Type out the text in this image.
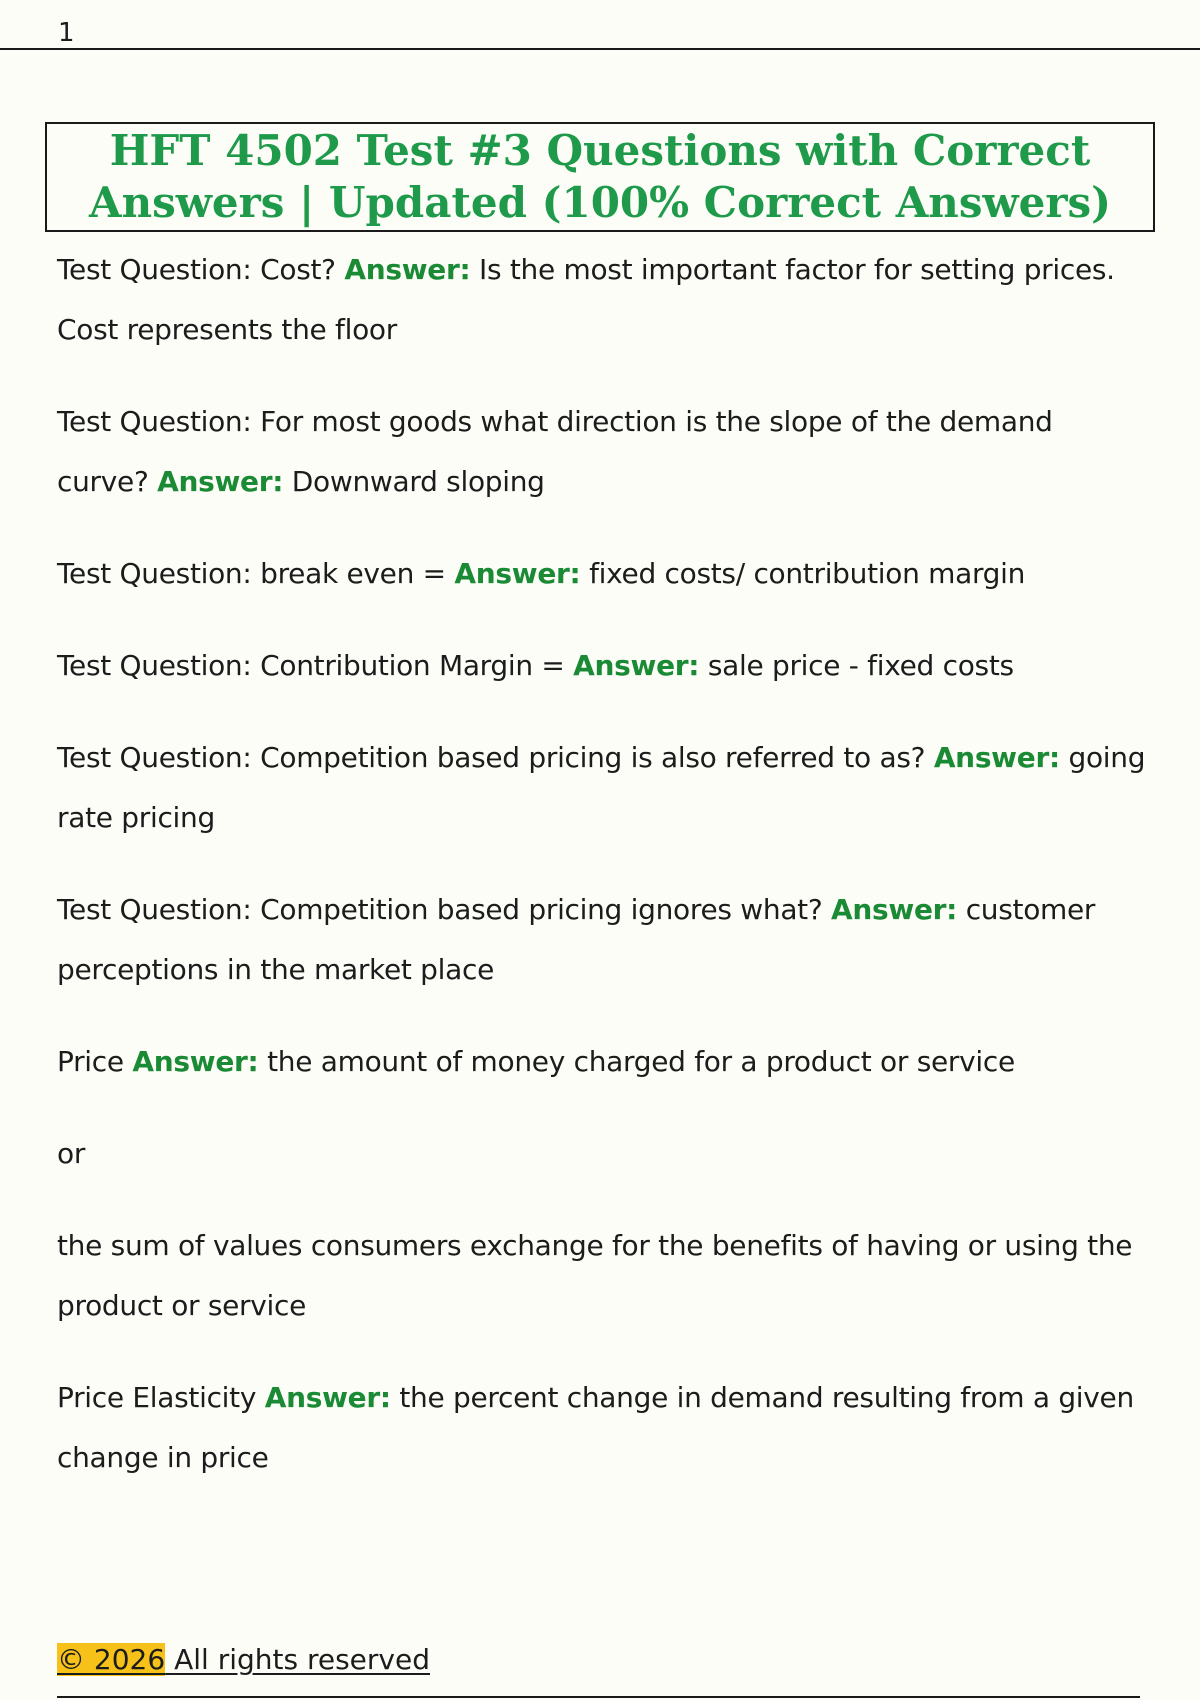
1
HFT 4502 Test #3 Questions with Correct Answers | Updated (100% Correct Answers)

Test Question: Cost? Answer: Is the most important factor for setting prices. Cost represents the floor

Test Question: For most goods what direction is the slope of the demand curve? Answer: Downward sloping

Test Question: break even = Answer: fixed costs/ contribution margin

Test Question: Contribution Margin = Answer: sale price - fixed costs

Test Question: Competition based pricing is also referred to as? Answer: going rate pricing

Test Question: Competition based pricing ignores what? Answer: customer perceptions in the market place

Price Answer: the amount of money charged for a product or service

or

the sum of values consumers exchange for the benefits of having or using the product or service

Price Elasticity Answer: the percent change in demand resulting from a given change in price

© 2026 All rights reserved
